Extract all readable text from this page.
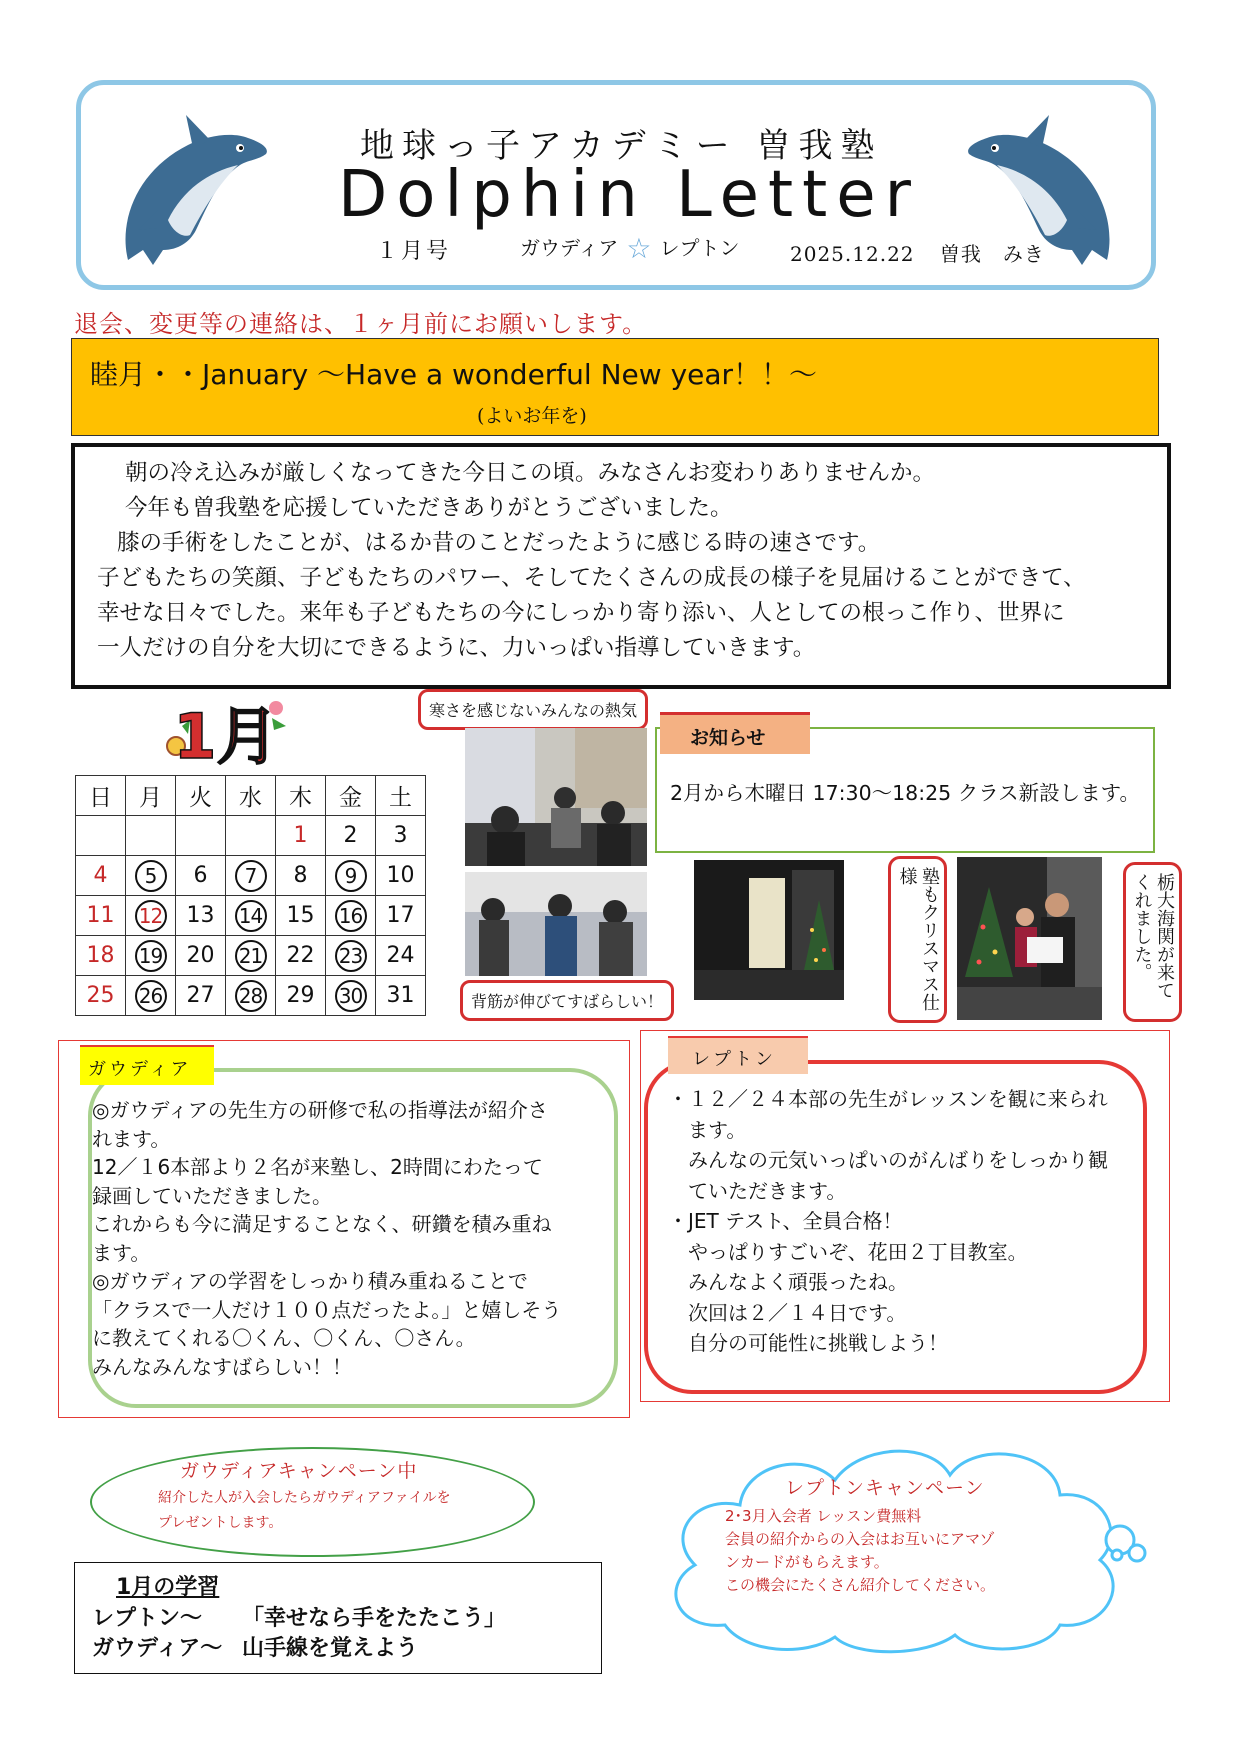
地球っ子アカデミー 曽我塾
Dolphin Letter
１月号	ガウディア ☆ レプトン	2025.12.22 曽我　みき
退会、変更等の連絡は、１ヶ月前にお願いします。
睦月・・January ～Have a wonderful New year！！～
(よいお年を)

朝の冷え込みが厳しくなってきた今日この頃。みなさんお変わりありませんか。

今年も曽我塾を応援していただきありがとうございました。

膝の手術をしたことが、はるか昔のことだったように感じる時の速さです。

子どもたちの笑顔、子どもたちのパワー、そしてたくさんの成長の様子を見届けることができて、

幸せな日々でした。来年も子どもたちの今にしっかり寄り添い、人としての根っこ作り、世界に

一人だけの自分を大切にできるように、力いっぱい指導していきます。

1月
日	月	火	水	木	金	土
				1	2	3
4	5	6	7	8	9	10
11	12	13	14	15	16	17
18	19	20	21	22	23	24
25	26	27	28	29	30	31
寒さを感じないみんなの熱気
背筋が伸びてすばらしい！	塾もクリスマス仕様	栃大海関が来てくれました。
お知らせ
2月から木曜日 17:30～18:25 クラス新設します。
ガウディア
◎ガウディアの先生方の研修で私の指導法が紹介さ
れます。
12／１6本部より２名が来塾し、2時間にわたって
録画していただきました。
これからも今に満足することなく、研鑽を積み重ね
ます。
◎ガウディアの学習をしっかり積み重ねることで
「クラスで一人だけ１００点だったよ。」と嬉しそう
に教えてくれる〇くん、〇くん、〇さん。
みんなみんなすばらしい！！
レプトン
・１２／２４本部の先生がレッスンを観に来られ
ます。
みんなの元気いっぱいのがんばりをしっかり観
ていただきます。
・JET テスト、全員合格！
やっぱりすごいぞ、花田２丁目教室。
みんなよく頑張ったね。
次回は２／１４日です。
自分の可能性に挑戦しよう！
ガウディアキャンペーン中
紹介した人が入会したらガウディアファイルを
プレゼントします。
レプトンキャンペーン
2･3月入会者 レッスン費無料
会員の紹介からの入会はお互いにアマゾ
ンカードがもらえます。
この機会にたくさん紹介してください。
1月の学習
レプトン～ 「幸せなら手をたたこう」
ガウディア～ 山手線を覚えよう
